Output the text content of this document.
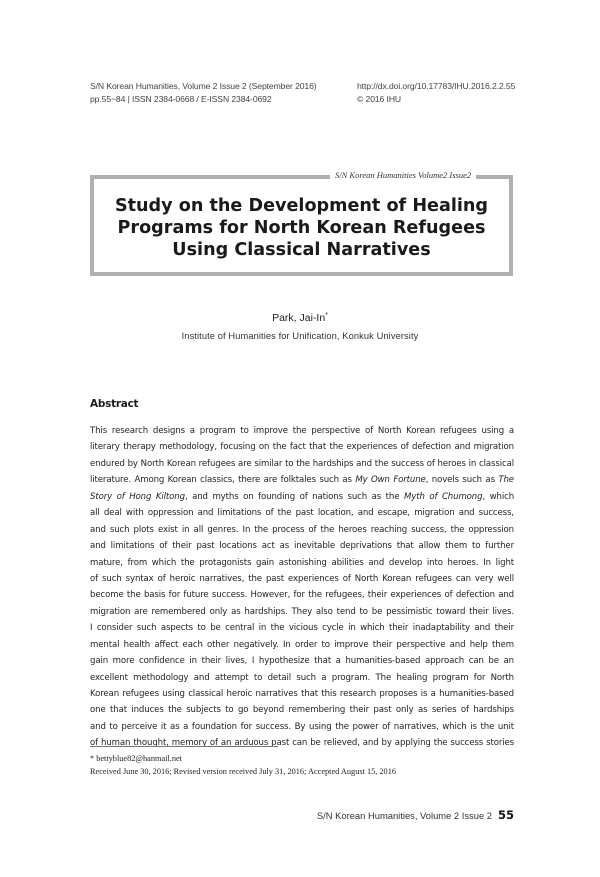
S/N Korean Humanities, Volume 2 Issue 2 (September 2016)
pp.55~84 | ISSN 2384-0668 / E-ISSN 2384-0692
http://dx.doi.org/10.17783/IHU.2016.2.2.55
© 2016 IHU
S/N Korean Humanities Volume2 Issue2
Study on the Development of Healing
Programs for North Korean Refugees
Using Classical Narratives
Park, Jai-In*
Institute of Humanities for Unification, Konkuk University
Abstract
This research designs a program to improve the perspective of North Korean refugees using a
literary therapy methodology, focusing on the fact that the experiences of defection and migration
endured by North Korean refugees are similar to the hardships and the success of heroes in classical
literature. Among Korean classics, there are folktales such as My Own Fortune, novels such as The
Story of Hong Kiltong, and myths on founding of nations such as the Myth of Chumong, which
all deal with oppression and limitations of the past location, and escape, migration and success,
and such plots exist in all genres. In the process of the heroes reaching success, the oppression
and limitations of their past locations act as inevitable deprivations that allow them to further
mature, from which the protagonists gain astonishing abilities and develop into heroes. In light
of such syntax of heroic narratives, the past experiences of North Korean refugees can very well
become the basis for future success. However, for the refugees, their experiences of defection and
migration are remembered only as hardships. They also tend to be pessimistic toward their lives.
I consider such aspects to be central in the vicious cycle in which their inadaptability and their
mental health affect each other negatively. In order to improve their perspective and help them
gain more confidence in their lives, I hypothesize that a humanities-based approach can be an
excellent methodology and attempt to detail such a program. The healing program for North
Korean refugees using classical heroic narratives that this research proposes is a humanities-based
one that induces the subjects to go beyond remembering their past only as series of hardships
and to perceive it as a foundation for success. By using the power of narratives, which is the unit
of human thought, memory of an arduous past can be relieved, and by applying the success stories
* bettyblue82@hanmail.net
Received June 30, 2016; Revised version received July 31, 2016; Accepted August 15, 2016
S/N Korean Humanities, Volume 2 Issue 2 55
